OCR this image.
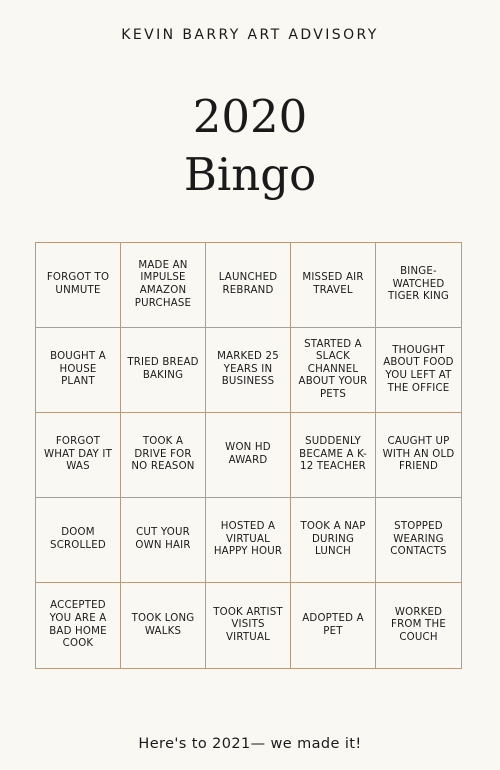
KEVIN BARRY ART ADVISORY
2020
Bingo
FORGOT TO UNMUTE
MADE AN IMPULSE AMAZON PURCHASE
LAUNCHED REBRAND
MISSED AIR TRAVEL
BINGE-WATCHED TIGER KING
BOUGHT A HOUSE PLANT
TRIED BREAD BAKING
MARKED 25 YEARS IN BUSINESS
STARTED A SLACK CHANNEL ABOUT YOUR PETS
THOUGHT ABOUT FOOD YOU LEFT AT THE OFFICE
FORGOT WHAT DAY IT WAS
TOOK A DRIVE FOR NO REASON
WON HD AWARD
SUDDENLY BECAME A K-12 TEACHER
CAUGHT UP WITH AN OLD FRIEND
DOOM SCROLLED
CUT YOUR OWN HAIR
HOSTED A VIRTUAL HAPPY HOUR
TOOK A NAP DURING LUNCH
STOPPED WEARING CONTACTS
ACCEPTED YOU ARE A BAD HOME COOK
TOOK LONG WALKS
TOOK ARTIST VISITS VIRTUAL
ADOPTED A PET
WORKED FROM THE COUCH
Here's to 2021— we made it!
